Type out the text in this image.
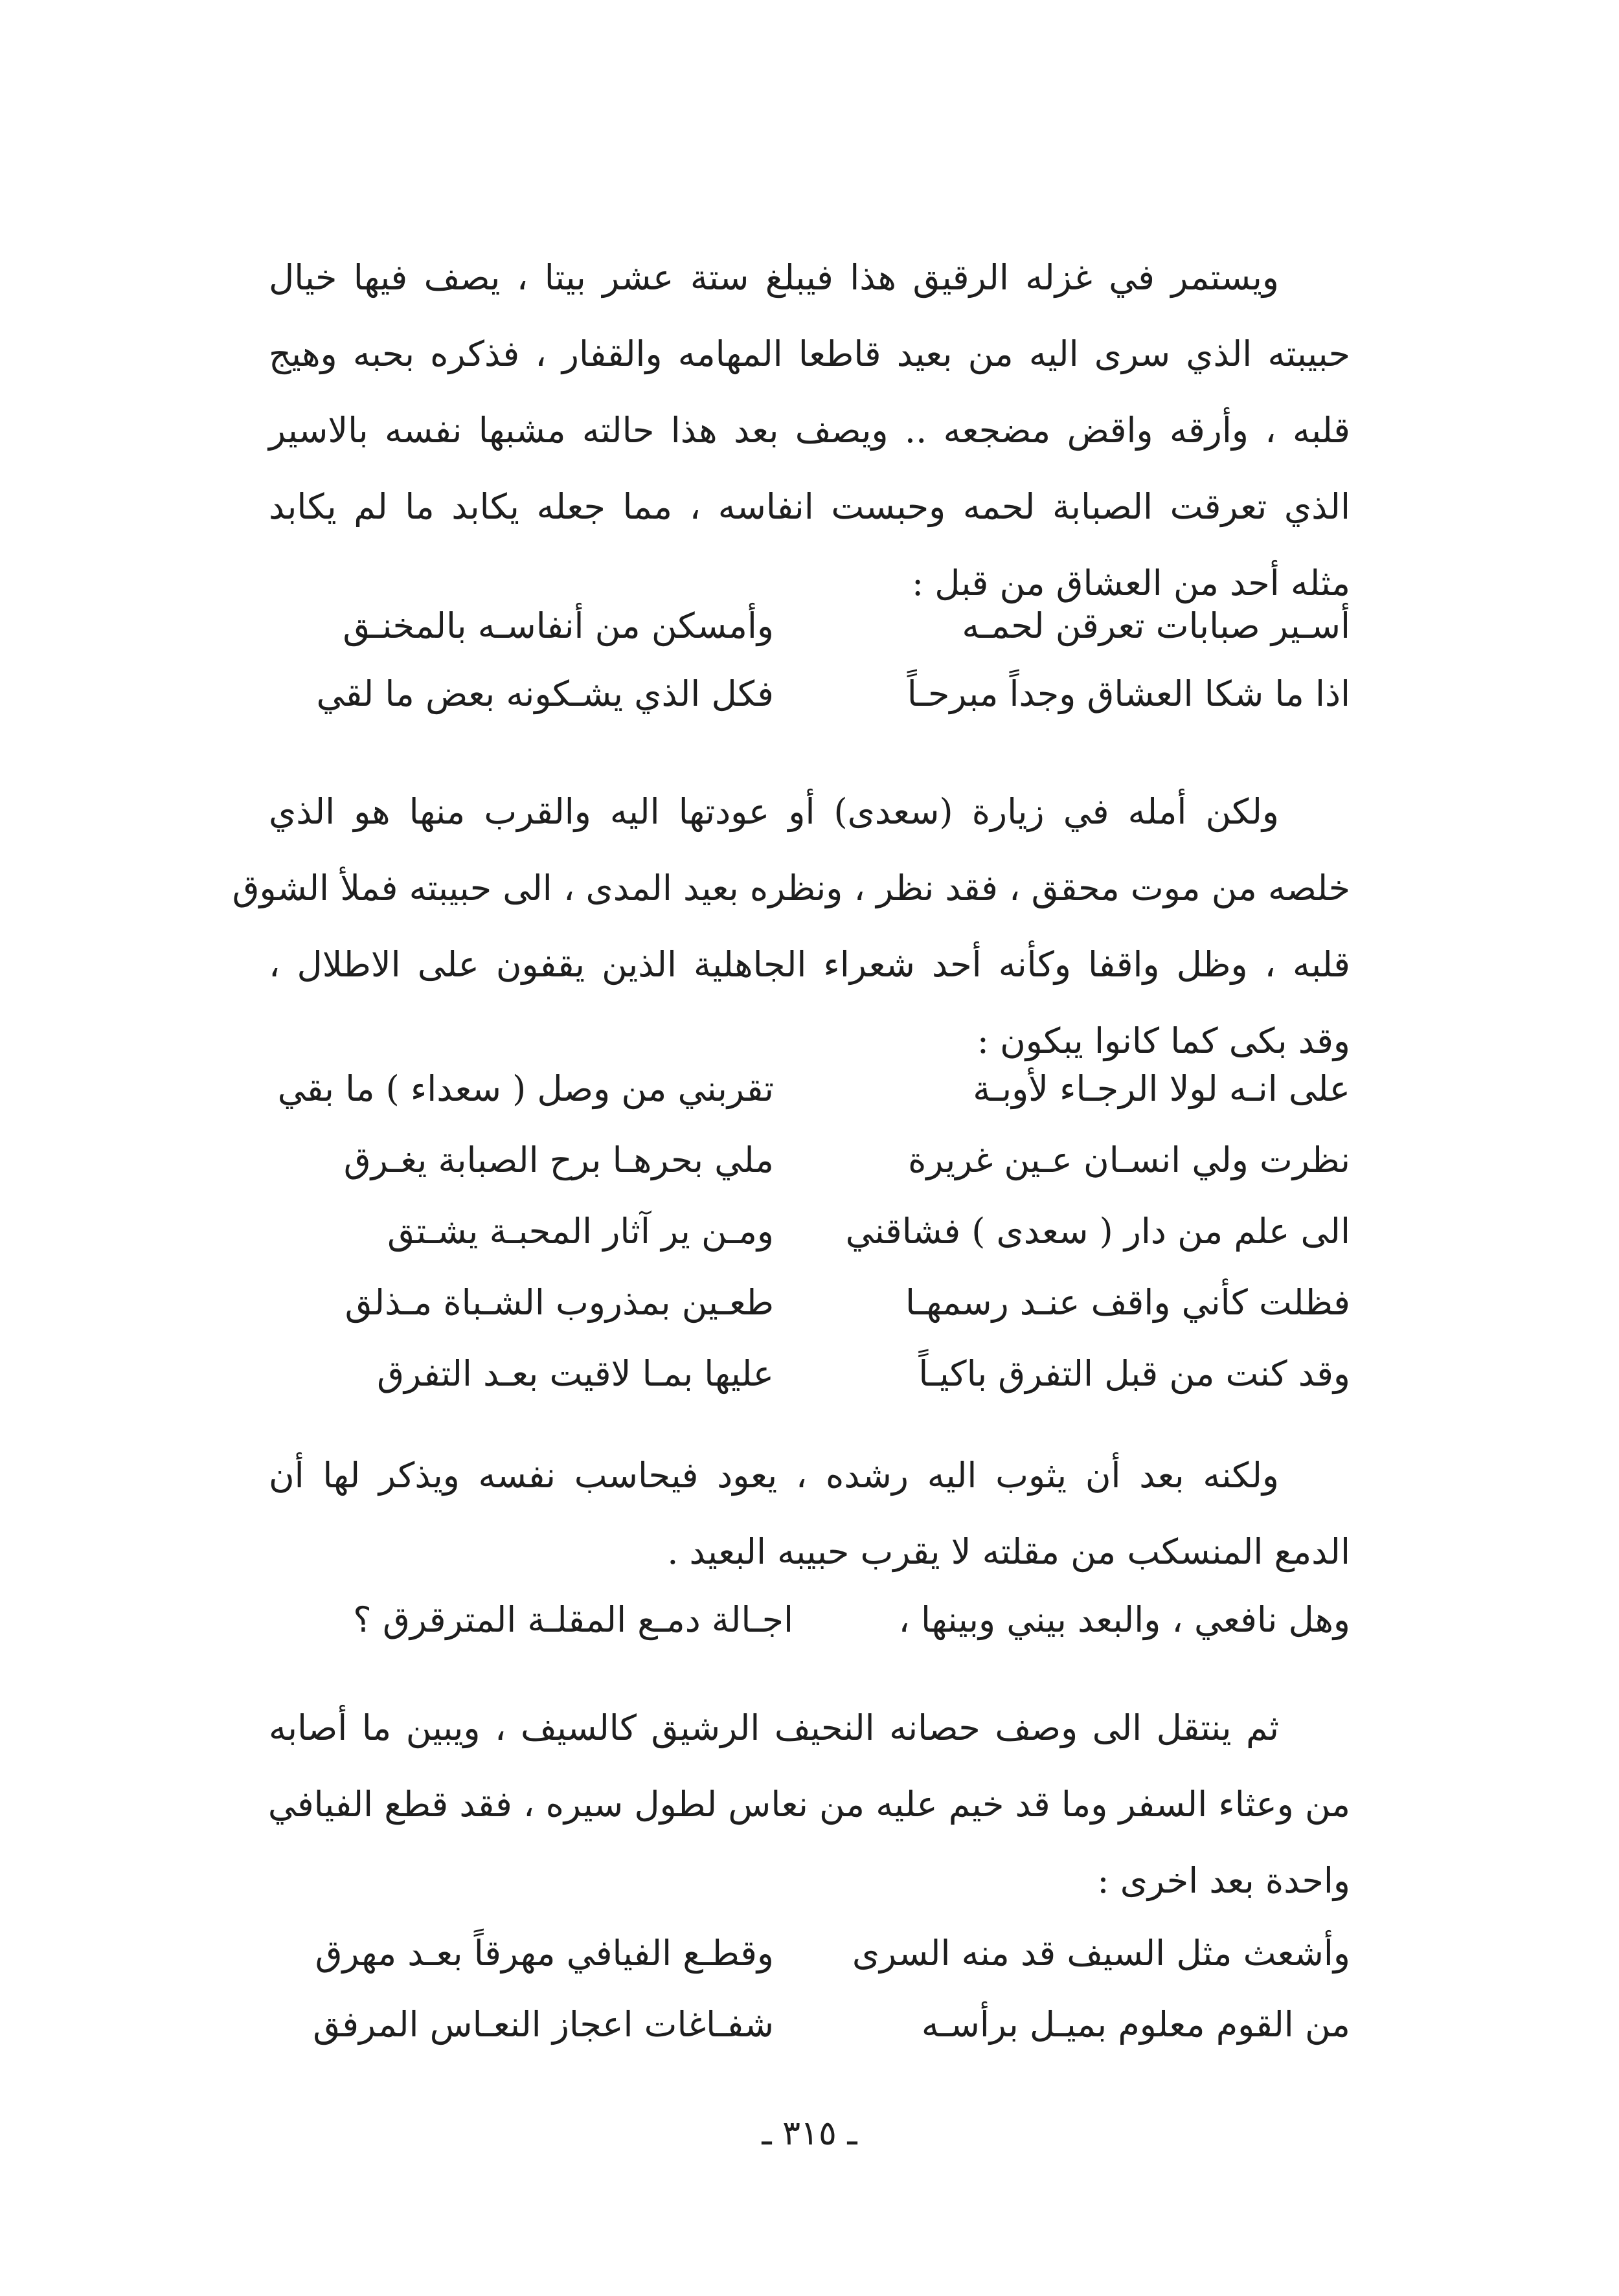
ويستمر في غزله الرقيق هذا فيبلغ ستة عشر بيتا ، يصف فيها خيال
حبيبته الذي سرى اليه من بعيد قاطعا المهامه والقفار ، فذكره بحبه وهيج
قلبه ، وأرقه واقض مضجعه .. ويصف بعد هذا حالته مشبها نفسه بالاسير
الذي تعرقت الصبابة لحمه وحبست انفاسه ، مما جعله يكابد ما لم يكابد
مثله أحد من العشاق من قبل :
أسـير صبابات تعرقن لحمـه
وأمسكن من أنفاسـه بالمخنـق
اذا ما شكا العشاق وجداً مبرحـاً
فكل الذي يشـكونه بعض ما لقي
ولكن أمله في زيارة (سعدى) أو عودتها اليه والقرب منها هو الذي
خلصه من موت محقق ، فقد نظر ، ونظره بعيد المدى ، الى حبيبته فملأ الشوق
قلبه ، وظل واقفا وكأنه أحد شعراء الجاهلية الذين يقفون على الاطلال ،
وقد بكى كما كانوا يبكون :
على انـه لولا الرجـاء لأوبـة
تقربني من وصل ( سعداء ) ما بقي
نظرت ولي انسـان عـين غريرة
ملي بحرهـا برح الصبابة يغـرق
الى علم من دار ( سعدى ) فشاقني
ومـن ير آثار المحبـة يشـتق
فظلت كأني واقف عنـد رسمهـا
طعـين بمذروب الشـباة مـذلق
وقد كنت من قبل التفرق باكيـاً
عليها بمـا لاقيت بعـد التفرق
ولكنه بعد أن يثوب اليه رشده ، يعود فيحاسب نفسه ويذكر لها أن
الدمع المنسكب من مقلته لا يقرب حبيبه البعيد .
وهل نافعي ، والبعد بيني وبينها ،
اجـالة دمـع المقلـة المترقرق ؟
ثم ينتقل الى وصف حصانه النحيف الرشيق كالسيف ، ويبين ما أصابه
من وعثاء السفر وما قد خيم عليه من نعاس لطول سيره ، فقد قطع الفيافي
واحدة بعد اخرى :
وأشعث مثل السيف قد منه السرى
وقطـع الفيافي مهرقاً بعـد مهرق
من القوم معلوم بميـل برأسـه
شفـاغات اعجاز النعـاس المرفق
ـ ٣١٥ ـ
